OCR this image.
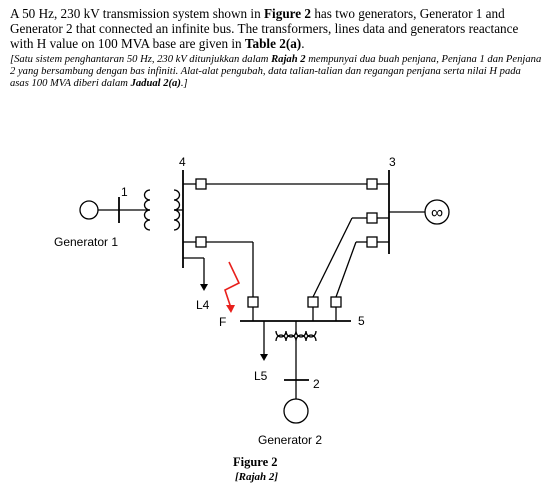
A 50 Hz, 230 kV transmission system shown in Figure 2 has two generators, Generator 1 and Generator 2 that connected an infinite bus. The transformers, lines data and generators reactance with H value on 100 MVA base are given in Table 2(a).

[Satu sistem penghantaran 50 Hz, 230 kV ditunjukkan dalam Rajah 2 mempunyai dua buah penjana, Penjana 1 dan Penjana 2 yang bersambung dengan bas infiniti. Alat-alat pengubah, data talian-talian dan regangan penjana serta nilai H pada asas 100 MVA diberi dalam Jadual 2(a).]

1
Generator 1
4
L4
F
3
∞
5
L5
2
Generator 2
Figure 2
[Rajah 2]
